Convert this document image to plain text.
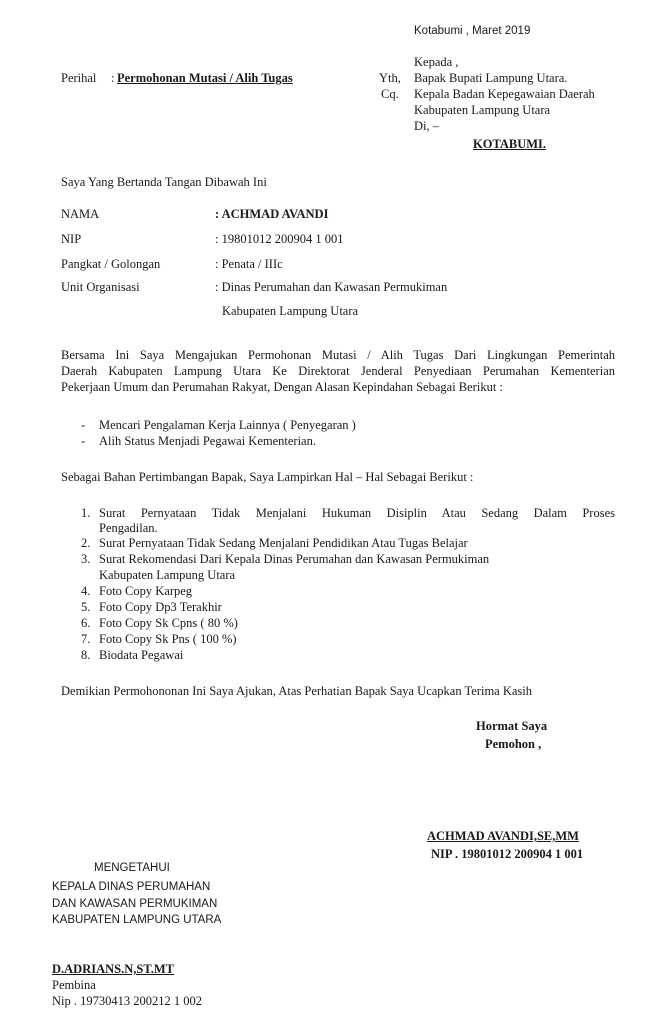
Kotabumi , Maret 2019
Kepada ,
Yth, Bapak Bupati Lampung Utara.
Cq. Kepala Badan Kepegawaian Daerah
Kabupaten Lampung Utara
Di, –
KOTABUMI.
Perihal : Permohonan Mutasi / Alih Tugas
Saya Yang Bertanda Tangan Dibawah Ini
NAMA	: ACHMAD AVANDI
NIP	: 19801012 200904 1 001
Pangkat / Golongan	: Penata / IIIc
Unit Organisasi	: Dinas Perumahan dan Kawasan Permukiman
Kabupaten Lampung Utara
Bersama Ini Saya Mengajukan Permohonan Mutasi / Alih Tugas Dari Lingkungan Pemerintah
Daerah Kabupaten Lampung Utara Ke Direktorat Jenderal Penyediaan Perumahan Kementerian
Pekerjaan Umum dan Perumahan Rakyat, Dengan Alasan Kepindahan Sebagai Berikut :
- Mencari Pengalaman Kerja Lainnya ( Penyegaran )
- Alih Status Menjadi Pegawai Kementerian.
Sebagai Bahan Pertimbangan Bapak, Saya Lampirkan Hal – Hal Sebagai Berikut :
1. Surat Pernyataan Tidak Menjalani Hukuman Disiplin Atau Sedang Dalam Proses
Pengadilan.
2. Surat Pernyataan Tidak Sedang Menjalani Pendidikan Atau Tugas Belajar
3. Surat Rekomendasi Dari Kepala Dinas Perumahan dan Kawasan Permukiman
Kabupaten Lampung Utara
4. Foto Copy Karpeg
5. Foto Copy Dp3 Terakhir
6. Foto Copy Sk Cpns ( 80 %)
7. Foto Copy Sk Pns ( 100 %)
8. Biodata Pegawai
Demikian Permohononan Ini Saya Ajukan, Atas Perhatian Bapak Saya Ucapkan Terima Kasih
Hormat Saya
Pemohon ,
ACHMAD AVANDI,SE,MM
NIP . 19801012 200904 1 001
MENGETAHUI
KEPALA DINAS PERUMAHAN
DAN KAWASAN PERMUKIMAN
KABUPATEN LAMPUNG UTARA
D.ADRIANS.N,ST.MT
Pembina
Nip . 19730413 200212 1 002
